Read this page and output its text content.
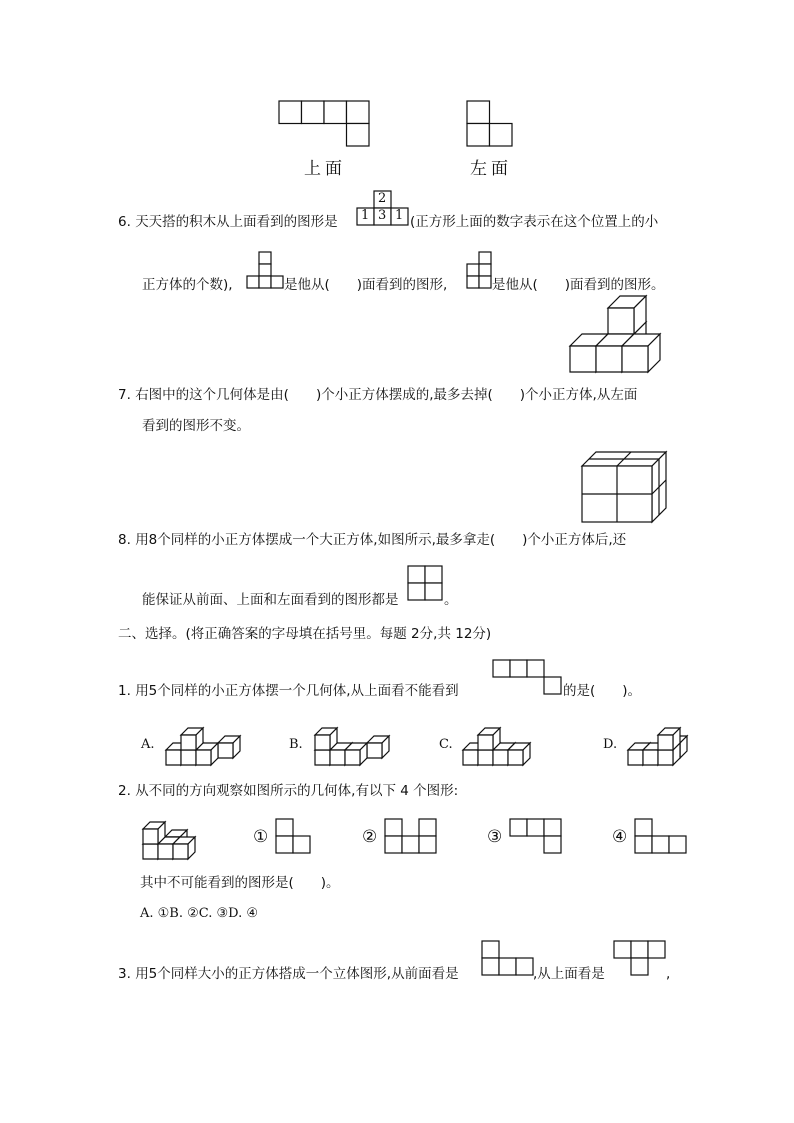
上面	左面
6. 天天搭的积木从上面看到的图形是
2
1 3 1 (正方形上面的数字表示在这个位置上的小
正方体的个数),	是他从(　　)面看到的图形,	是他从(　　)面看到的图形。
7. 右图中的这个几何体是由(　　)个小正方体摆成的,最多去掉(　　)个小正方体,从左面
看到的图形不变。
8. 用8个同样的小正方体摆成一个大正方体,如图所示,最多拿走(　　)个小正方体后,还
能保证从前面、上面和左面看到的图形都是	。
二、选择。(将正确答案的字母填在括号里。每题 2分,共 12分)
1. 用5个同样的小正方体摆一个几何体,从上面看不能看到	的是(　　)。
A.	B.	C.	D.
2. 从不同的方向观察如图所示的几何体,有以下 4 个图形:
①	②	③	④
其中不可能看到的图形是(　　)。
A. ①B. ②C. ③D. ④
3. 用5个同样大小的正方体搭成一个立体图形,从前面看是	,从上面看是	,
